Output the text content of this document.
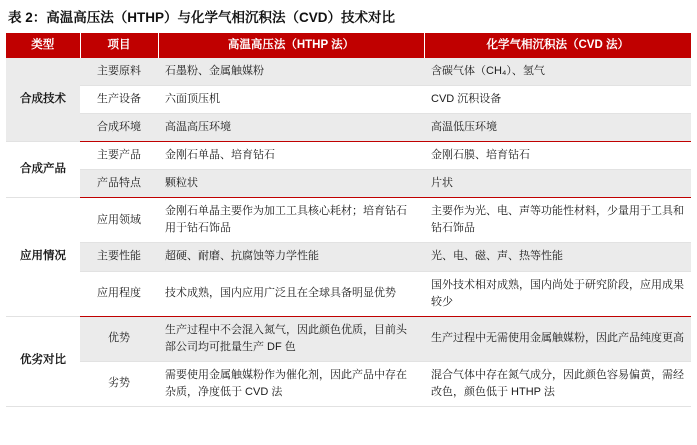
表 2：高温高压法（HTHP）与化学气相沉积法（CVD）技术对比
类型	项目	高温高压法（HTHP 法）	化学气相沉积法（CVD 法）
合成技术	主要原料	石墨粉、金属触媒粉	含碳气体（CH₄）、氢气
	生产设备	六面顶压机	CVD 沉积设备
	合成环境	高温高压环境	高温低压环境
合成产品	主要产品	金刚石单晶、培育钻石	金刚石膜、培育钻石
	产品特点	颗粒状	片状
应用情况	应用领域	金刚石单晶主要作为加工工具核心耗材；培育钻石用于钻石饰品	主要作为光、电、声等功能性材料，少量用于工具和钻石饰品
	主要性能	超硬、耐磨、抗腐蚀等力学性能	光、电、磁、声、热等性能
	应用程度	技术成熟，国内应用广泛且在全球具备明显优势	国外技术相对成熟，国内尚处于研究阶段，应用成果较少
优劣对比	优势	生产过程中不会混入氮气，因此颜色优质，目前头部公司均可批量生产 DF 色	生产过程中无需使用金属触媒粉，因此产品纯度更高
	劣势	需要使用金属触媒粉作为催化剂，因此产品中存在杂质，净度低于 CVD 法	混合气体中存在氮气成分，因此颜色容易偏黄，需经改色，颜色低于 HTHP 法
